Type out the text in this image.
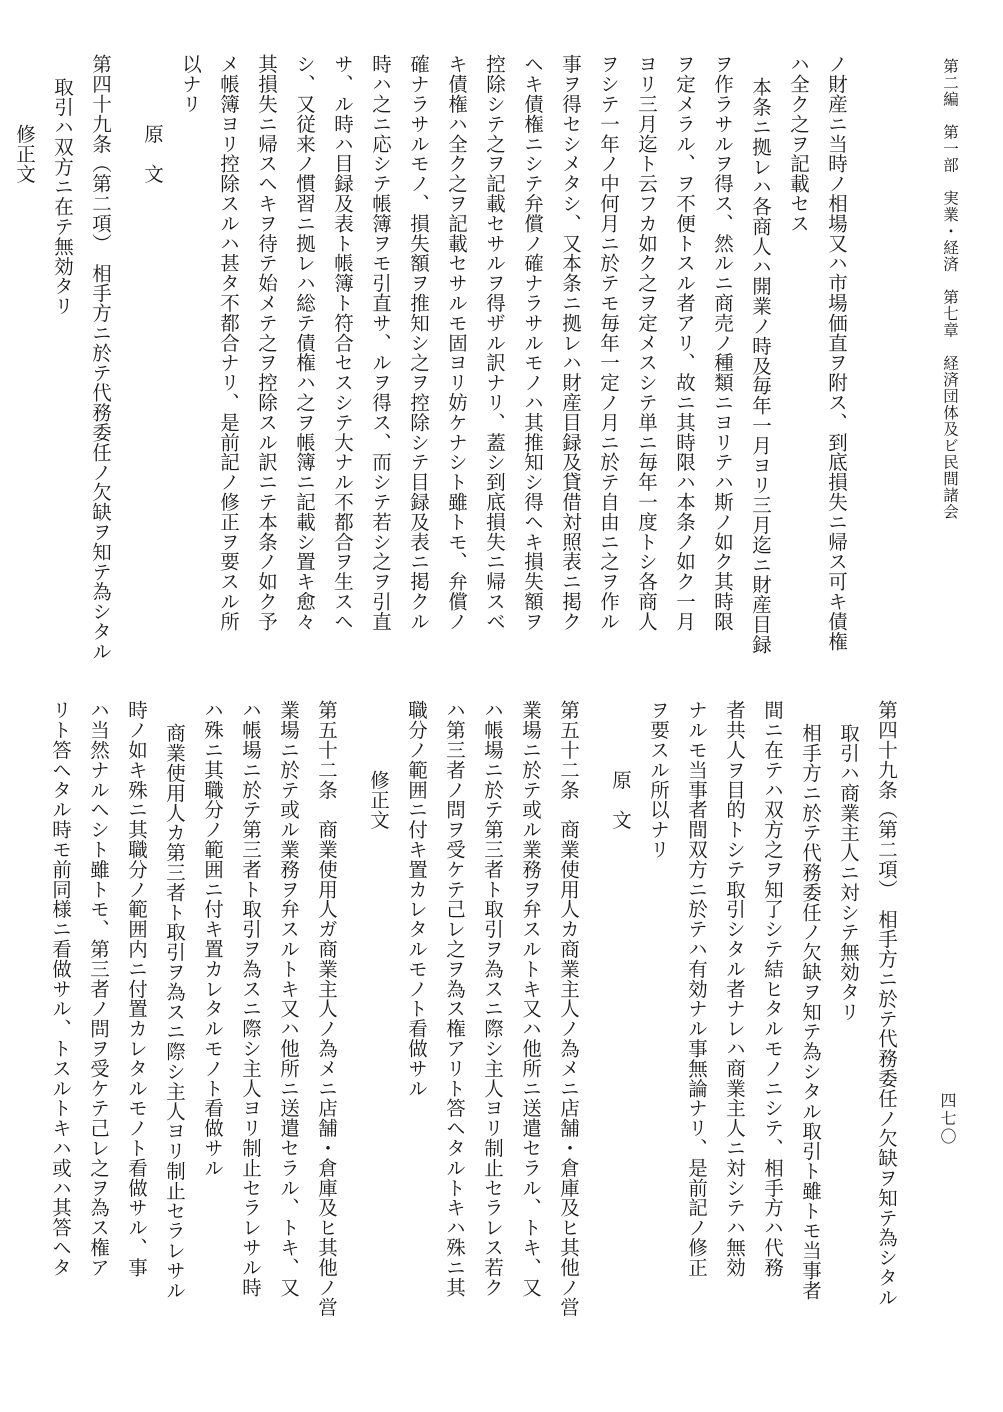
第二編　第一部　実業・経済　第七章　経済団体及ビ民間諸会
四七〇
ノ財産ニ当時ノ相場又ハ市場価直ヲ附ス、到底損失ニ帰ス可キ債権
ハ全ク之ヲ記載セス
本条ニ拠レハ各商人ハ開業ノ時及毎年一月ヨリ三月迄ニ財産目録
ヲ作ラサルヲ得ス、然ルニ商売ノ種類ニヨリテハ斯ノ如ク其時限
ヲ定メラル、ヲ不便トスル者アリ、故ニ其時限ハ本条ノ如ク一月
ヨリ三月迄ト云フカ如ク之ヲ定メスシテ単ニ毎年一度トシ各商人
ヲシテ一年ノ中何月ニ於テモ毎年一定ノ月ニ於テ自由ニ之ヲ作ル
事ヲ得セシメタシ、又本条ニ拠レハ財産目録及貸借対照表ニ掲ク
ヘキ債権ニシテ弁償ノ確ナラサルモノハ其推知シ得ヘキ損失額ヲ
控除シテ之ヲ記載セサルヲ得ザル訳ナリ、蓋シ到底損失ニ帰スベ
キ債権ハ全ク之ヲ記載セサルモ固ヨリ妨ケナシト雖トモ、弁償ノ
確ナラサルモノ、損失額ヲ推知シ之ヲ控除シテ目録及表ニ掲クル
時ハ之ニ応シテ帳簿ヲモ引直サ、ルヲ得ス、而シテ若シ之ヲ引直
サ、ル時ハ目録及表ト帳簿ト符合セスシテ大ナル不都合ヲ生スヘ
シ、又従来ノ慣習ニ拠レハ総テ債権ハ之ヲ帳簿ニ記載シ置キ愈々
其損失ニ帰スヘキヲ待テ始メテ之ヲ控除スル訳ニテ本条ノ如ク予
メ帳簿ヨリ控除スルハ甚タ不都合ナリ、是前記ノ修正ヲ要スル所
以ナリ
原　文
第四十九条（第二項）　相手方ニ於テ代務委任ノ欠缺ヲ知テ為シタル
取引ハ双方ニ在テ無効タリ
修正文
第四十九条（第二項）　相手方ニ於テ代務委任ノ欠缺ヲ知テ為シタル
取引ハ商業主人ニ対シテ無効タリ
相手方ニ於テ代務委任ノ欠缺ヲ知テ為シタル取引ト雖トモ当事者
間ニ在テハ双方之ヲ知了シテ結ヒタルモノニシテ、相手方ハ代務
者共人ヲ目的トシテ取引シタル者ナレハ商業主人ニ対シテハ無効
ナルモ当事者間双方ニ於テハ有効ナル事無論ナリ、是前記ノ修正
ヲ要スル所以ナリ
原　文
第五十二条　商業使用人カ商業主人ノ為メニ店舗・倉庫及ヒ其他ノ営
業場ニ於テ或ル業務ヲ弁スルトキ又ハ他所ニ送遣セラル、トキ、又
ハ帳場ニ於テ第三者ト取引ヲ為スニ際シ主人ヨリ制止セラレス若ク
ハ第三者ノ問ヲ受ケテ己レ之ヲ為ス権アリト答ヘタルトキハ殊ニ其
職分ノ範囲ニ付キ置カレタルモノト看做サル
修正文
第五十二条　商業使用人ガ商業主人ノ為メニ店舗・倉庫及ヒ其他ノ営
業場ニ於テ或ル業務ヲ弁スルトキ又ハ他所ニ送遣セラル、トキ、又
ハ帳場ニ於テ第三者ト取引ヲ為スニ際シ主人ヨリ制止セラレサル時
ハ殊ニ其職分ノ範囲ニ付キ置カレタルモノト看做サル
商業使用人カ第三者ト取引ヲ為スニ際シ主人ヨリ制止セラレサル
時ノ如キ殊ニ其職分ノ範囲内ニ付置カレタルモノト看做サル、事
ハ当然ナルヘシト雖トモ、第三者ノ問ヲ受ケテ己レ之ヲ為ス権ア
リト答ヘタル時モ前同様ニ看做サル、トスルトキハ或ハ其答ヘタ
